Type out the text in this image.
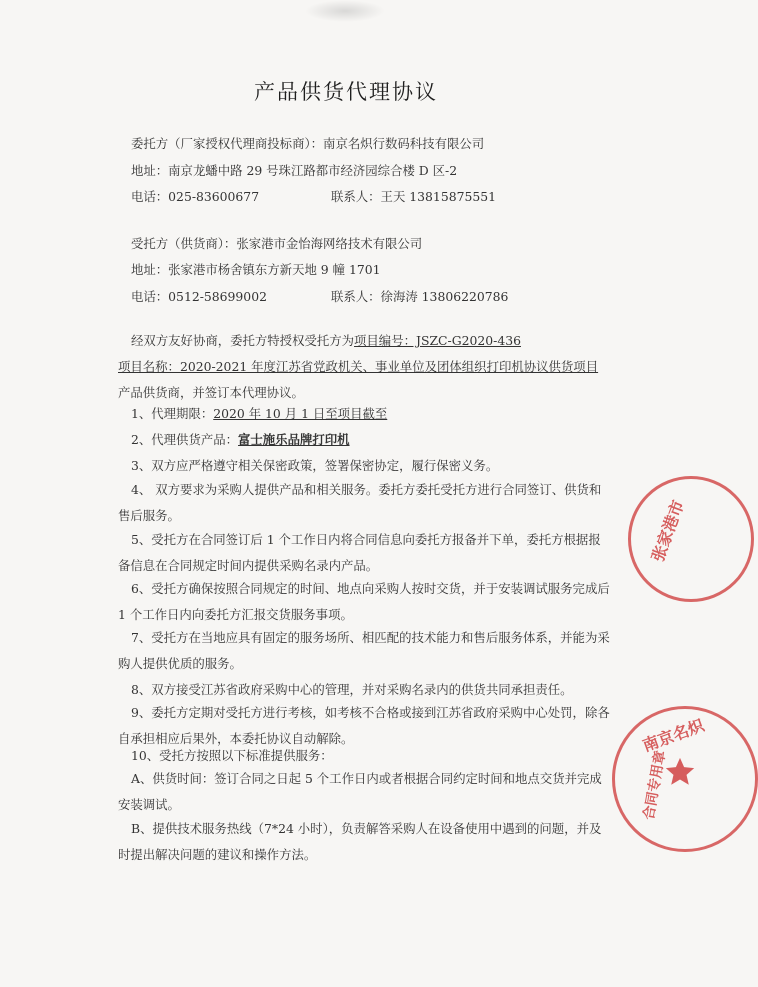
产品供货代理协议
委托方（厂家授权代理商投标商）：南京名炽行数码科技有限公司
地址：南京龙蟠中路 29 号珠江路都市经济园综合楼 D 区-2
电话：025-83600677	联系人：王天 13815875551
受托方（供货商）：张家港市金怡海网络技术有限公司
地址：张家港市杨舍镇东方新天地 9 幢 1701
电话：0512-58699002	联系人：徐海涛 13806220786
经双方友好协商，委托方特授权受托方为项目编号：JSZC-G2020-436
项目名称：2020-2021 年度江苏省党政机关、事业单位及团体组织打印机协议供货项目产品供货商，并签订本代理协议。
1、代理期限：2020 年 10 月 1 日至项目截至
2、代理供货产品：富士施乐品牌打印机
3、双方应严格遵守相关保密政策，签署保密协定，履行保密义务。
4、 双方要求为采购人提供产品和相关服务。委托方委托受托方进行合同签订、供货和售后服务。
5、受托方在合同签订后 1 个工作日内将合同信息向委托方报备并下单，委托方根据报备信息在合同规定时间内提供采购名录内产品。
6、受托方确保按照合同规定的时间、地点向采购人按时交货，并于安装调试服务完成后 1 个工作日内向委托方汇报交货服务事项。
7、受托方在当地应具有固定的服务场所、相匹配的技术能力和售后服务体系，并能为采购人提供优质的服务。
8、双方接受江苏省政府采购中心的管理，并对采购名录内的供货共同承担责任。
9、委托方定期对受托方进行考核，如考核不合格或接到江苏省政府采购中心处罚，除各自承担相应后果外，本委托协议自动解除。
10、受托方按照以下标准提供服务：
A、供货时间：签订合同之日起 5 个工作日内或者根据合同约定时间和地点交货并完成安装调试。
B、提供技术服务热线（7*24 小时），负责解答采购人在设备使用中遇到的问题，并及时提出解决问题的建议和操作方法。
张家港市
南京名炽
合同专用章
